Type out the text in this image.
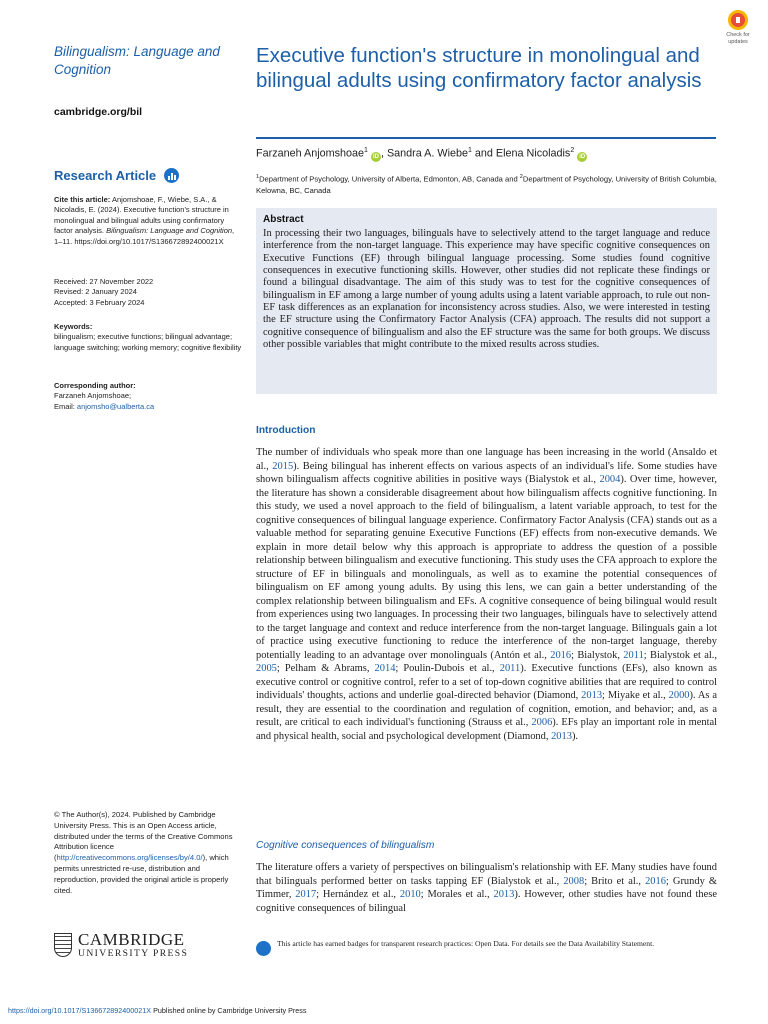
Bilingualism: Language and Cognition
cambridge.org/bil
Research Article
Cite this article: Anjomshoae, F., Wiebe, S.A., & Nicoladis, E. (2024). Executive function's structure in monolingual and bilingual adults using confirmatory factor analysis. Bilingualism: Language and Cognition, 1–11. https://doi.org/10.1017/S136672892400021X
Received: 27 November 2022
Revised: 2 January 2024
Accepted: 3 February 2024
Keywords:
bilingualism; executive functions; bilingual advantage; language switching; working memory; cognitive flexibility
Corresponding author:
Farzaneh Anjomshoae;
Email: anjomsho@ualberta.ca
© The Author(s), 2024. Published by Cambridge University Press. This is an Open Access article, distributed under the terms of the Creative Commons Attribution licence (http://creativecommons.org/licenses/by/4.0/), which permits unrestricted re-use, distribution and reproduction, provided the original article is properly cited.
CAMBRIDGE
UNIVERSITY PRESS
Check for
updates
Executive function's structure in monolingual and bilingual adults using confirmatory factor analysis
Farzaneh Anjomshoae$^1$ iD , Sandra A. Wiebe$^1$ and Elena Nicoladis$^2$ iD
$^1$Department of Psychology, University of Alberta, Edmonton, AB, Canada and $^2$Department of Psychology, University of British Columbia, Kelowna, BC, Canada
Abstract
In processing their two languages, bilinguals have to selectively attend to the target language and reduce interference from the non-target language. This experience may have specific cognitive consequences on Executive Functions (EF) through bilingual language processing. Some studies found cognitive consequences in executive functioning skills. However, other studies did not replicate these findings or found a bilingual disadvantage. The aim of this study was to test for the cognitive consequences of bilingualism in EF among a large number of young adults using a latent variable approach, to rule out non-EF task differences as an explanation for inconsistency across studies. Also, we were interested in testing the EF structure using the Confirmatory Factor Analysis (CFA) approach. The results did not support a cognitive consequence of bilingualism and also the EF structure was the same for both groups. We discuss other possible variables that might contribute to the mixed results across studies.
Introduction
The number of individuals who speak more than one language has been increasing in the world (Ansaldo et al., 2015). Being bilingual has inherent effects on various aspects of an individual's life. Some studies have shown bilingualism affects cognitive abilities in positive ways (Bialystok et al., 2004). Over time, however, the literature has shown a considerable disagreement about how bilingualism affects cognitive functioning. In this study, we used a novel approach to the field of bilingualism, a latent variable approach, to test for the cognitive consequences of bilingual language experience. Confirmatory Factor Analysis (CFA) stands out as a valuable method for separating genuine Executive Functions (EF) effects from non-executive demands. We explain in more detail below why this approach is appropriate to address the question of a possible relationship between bilingualism and executive functioning. This study uses the CFA approach to explore the structure of EF in bilinguals and monolinguals, as well as to examine the potential consequences of bilingualism on EF among young adults. By using this lens, we can gain a better understanding of the complex relationship between bilingualism and EFs. A cognitive consequence of being bilingual would result from experiences using two languages. In processing their two languages, bilinguals have to selectively attend to the target language and context and reduce interference from the non-target language. Bilinguals gain a lot of practice using executive functioning to reduce the interference of the non-target language, thereby potentially leading to an advantage over monolinguals (Antón et al., 2016; Bialystok, 2011; Bialystok et al., 2005; Pelham & Abrams, 2014; Poulin-Dubois et al., 2011). Executive functions (EFs), also known as executive control or cognitive control, refer to a set of top-down cognitive abilities that are required to control individuals' thoughts, actions and underlie goal-directed behavior (Diamond, 2013; Miyake et al., 2000). As a result, they are essential to the coordination and regulation of cognition, emotion, and behavior; and, as a result, are critical to each individual's functioning (Strauss et al., 2006). EFs play an important role in mental and physical health, social and psychological development (Diamond, 2013).
Cognitive consequences of bilingualism
The literature offers a variety of perspectives on bilingualism's relationship with EF. Many studies have found that bilinguals performed better on tasks tapping EF (Bialystok et al., 2008; Brito et al., 2016; Grundy & Timmer, 2017; Hernández et al., 2010; Morales et al., 2013). However, other studies have not found these cognitive consequences of bilingual
This article has earned badges for transparent research practices: Open Data. For details see the Data Availability Statement.
https://doi.org/10.1017/S136672892400021X Published online by Cambridge University Press
